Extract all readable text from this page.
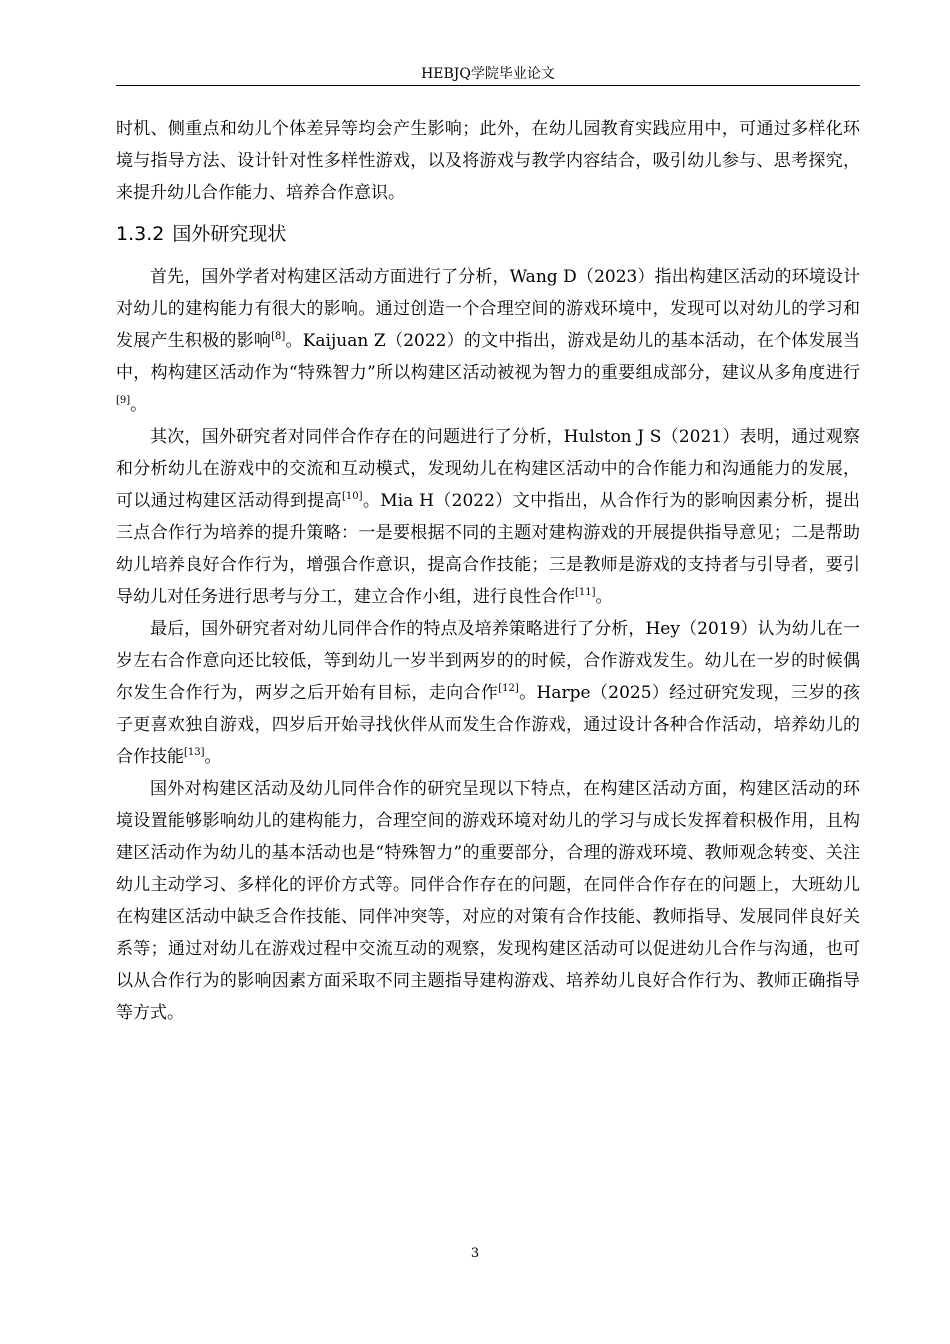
HEBJQ学院毕业论文

时机、侧重点和幼儿个体差异等均会产生影响；此外，在幼儿园教育实践应用中，可通过多样化环境与指导方法、设计针对性多样性游戏，以及将游戏与教学内容结合，吸引幼儿参与、思考探究，来提升幼儿合作能力、培养合作意识。

1.3.2 国外研究现状

首先，国外学者对构建区活动方面进行了分析，Wang D（2023）指出构建区活动的环境设计对幼儿的建构能力有很大的影响。通过创造一个合理空间的游戏环境中，发现可以对幼儿的学习和发展产生积极的影响[8]。Kaijuan Z（2022）的文中指出，游戏是幼儿的基本活动，在个体发展当中，构构建区活动作为“特殊智力”所以构建区活动被视为智力的重要组成部分，建议从多角度进行[9]。

其次，国外研究者对同伴合作存在的问题进行了分析，Hulston J S（2021）表明，通过观察和分析幼儿在游戏中的交流和互动模式，发现幼儿在构建区活动中的合作能力和沟通能力的发展，可以通过构建区活动得到提高[10]。Mia H（2022）文中指出，从合作行为的影响因素分析，提出三点合作行为培养的提升策略：一是要根据不同的主题对建构游戏的开展提供指导意见；二是帮助幼儿培养良好合作行为，增强合作意识，提高合作技能；三是教师是游戏的支持者与引导者，要引导幼儿对任务进行思考与分工，建立合作小组，进行良性合作[11]。

最后，国外研究者对幼儿同伴合作的特点及培养策略进行了分析，Hey（2019）认为幼儿在一岁左右合作意向还比较低，等到幼儿一岁半到两岁的的时候，合作游戏发生。幼儿在一岁的时候偶尔发生合作行为，两岁之后开始有目标，走向合作[12]。Harpe（2025）经过研究发现，三岁的孩子更喜欢独自游戏，四岁后开始寻找伙伴从而发生合作游戏，通过设计各种合作活动，培养幼儿的合作技能[13]。

国外对构建区活动及幼儿同伴合作的研究呈现以下特点，在构建区活动方面，构建区活动的环境设置能够影响幼儿的建构能力，合理空间的游戏环境对幼儿的学习与成长发挥着积极作用，且构建区活动作为幼儿的基本活动也是“特殊智力”的重要部分，合理的游戏环境、教师观念转变、关注幼儿主动学习、多样化的评价方式等。同伴合作存在的问题，在同伴合作存在的问题上，大班幼儿在构建区活动中缺乏合作技能、同伴冲突等，对应的对策有合作技能、教师指导、发展同伴良好关系等；通过对幼儿在游戏过程中交流互动的观察，发现构建区活动可以促进幼儿合作与沟通，也可以从合作行为的影响因素方面采取不同主题指导建构游戏、培养幼儿良好合作行为、教师正确指导等方式。

3
